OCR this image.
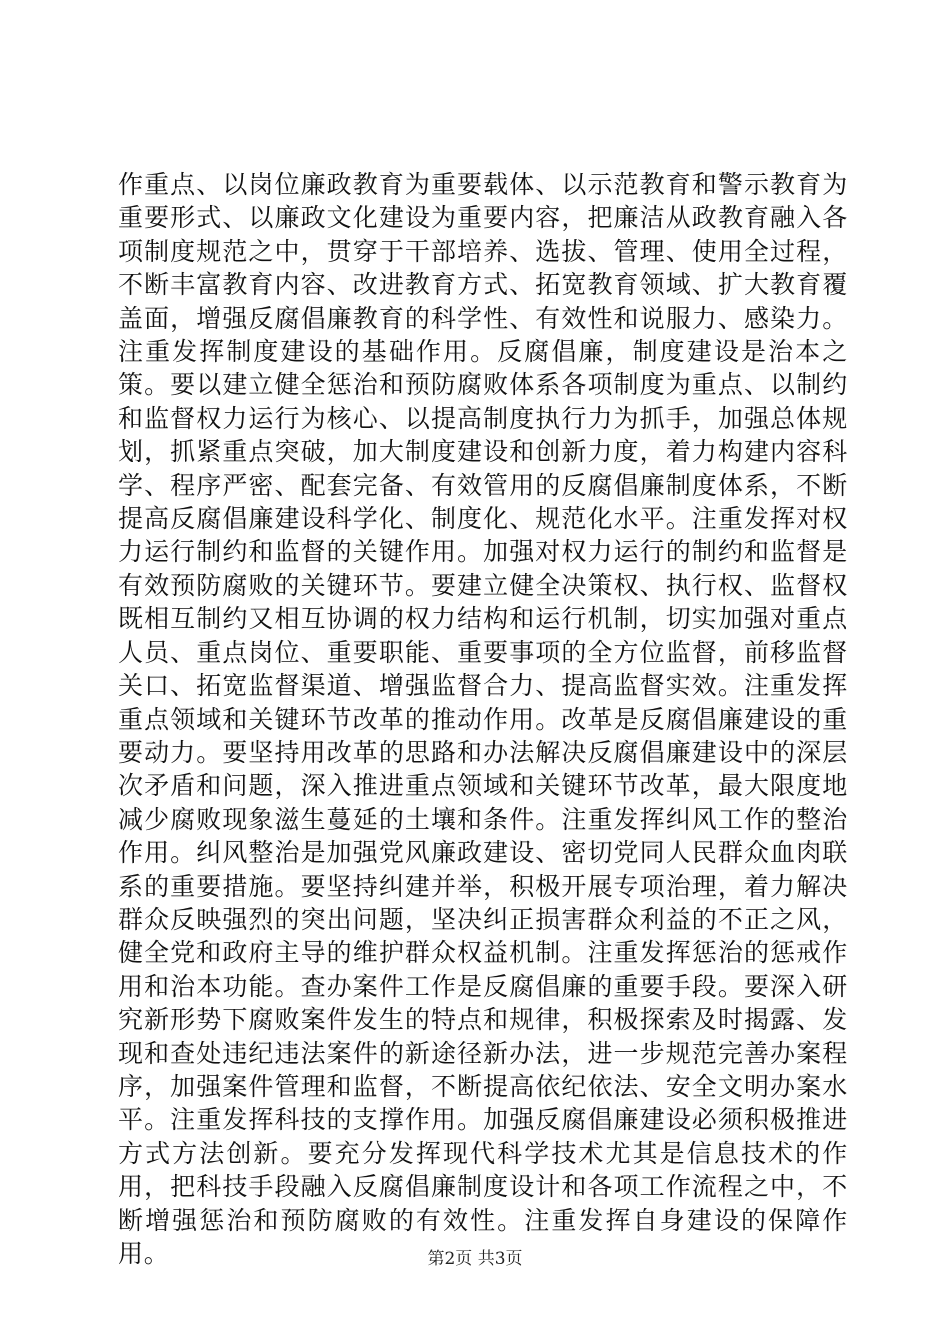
作重点、以岗位廉政教育为重要载体、以示范教育和警示教育为重要形式、以廉政文化建设为重要内容，把廉洁从政教育融入各项制度规范之中，贯穿于干部培养、选拔、管理、使用全过程，不断丰富教育内容、改进教育方式、拓宽教育领域、扩大教育覆盖面，增强反腐倡廉教育的科学性、有效性和说服力、感染力。注重发挥制度建设的基础作用。反腐倡廉，制度建设是治本之策。要以建立健全惩治和预防腐败体系各项制度为重点、以制约和监督权力运行为核心、以提高制度执行力为抓手，加强总体规划，抓紧重点突破，加大制度建设和创新力度，着力构建内容科学、程序严密、配套完备、有效管用的反腐倡廉制度体系，不断提高反腐倡廉建设科学化、制度化、规范化水平。注重发挥对权力运行制约和监督的关键作用。加强对权力运行的制约和监督是有效预防腐败的关键环节。要建立健全决策权、执行权、监督权既相互制约又相互协调的权力结构和运行机制，切实加强对重点人员、重点岗位、重要职能、重要事项的全方位监督，前移监督关口、拓宽监督渠道、增强监督合力、提高监督实效。注重发挥重点领域和关键环节改革的推动作用。改革是反腐倡廉建设的重要动力。要坚持用改革的思路和办法解决反腐倡廉建设中的深层次矛盾和问题，深入推进重点领域和关键环节改革，最大限度地减少腐败现象滋生蔓延的土壤和条件。注重发挥纠风工作的整治作用。纠风整治是加强党风廉政建设、密切党同人民群众血肉联系的重要措施。要坚持纠建并举，积极开展专项治理，着力解决群众反映强烈的突出问题，坚决纠正损害群众利益的不正之风，健全党和政府主导的维护群众权益机制。注重发挥惩治的惩戒作用和治本功能。查办案件工作是反腐倡廉的重要手段。要深入研究新形势下腐败案件发生的特点和规律，积极探索及时揭露、发现和查处违纪违法案件的新途径新办法，进一步规范完善办案程序，加强案件管理和监督，不断提高依纪依法、安全文明办案水平。注重发挥科技的支撑作用。加强反腐倡廉建设必须积极推进方式方法创新。要充分发挥现代科学技术尤其是信息技术的作用，把科技手段融入反腐倡廉制度设计和各项工作流程之中，不断增强惩治和预防腐败的有效性。注重发挥自身建设的保障作用。	第2页 共3页
